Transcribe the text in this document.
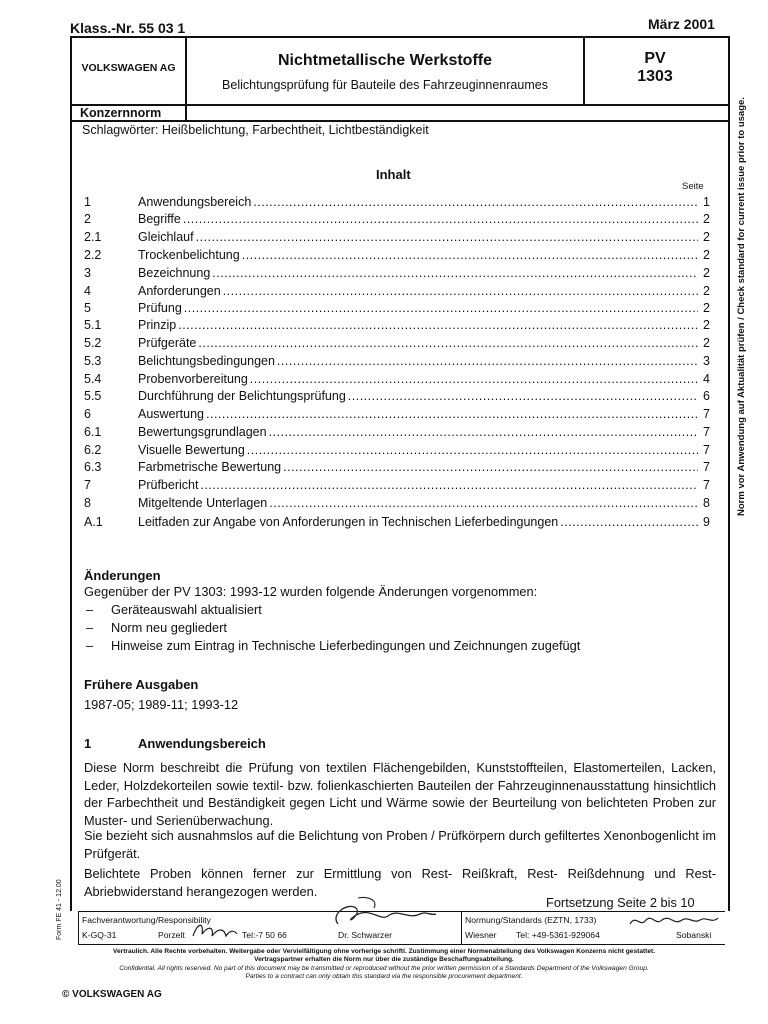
Klass.-Nr. 55 03 1	März 2001
VOLKSWAGEN AG	Nichtmetallische Werkstoffe
Belichtungsprüfung für Bauteile des Fahrzeuginnenraumes
PV
1303
Konzernnorm
Schlagwörter: Heißbelichtung, Farbechtheit, Lichtbeständigkeit	Norm vor Anwendung auf Aktualität prüfen / Check standard for current issue prior to usage.
Inhalt
Seite
1	Anwendungsbereich .....	1
2	Begriffe .....	2
2.1	Gleichlauf .....	2
2.2	Trockenbelichtung .....	2
3	Bezeichnung .....	2
4	Anforderungen .....	2
5	Prüfung .....	2
5.1	Prinzip .....	2
5.2	Prüfgeräte .....	2
5.3	Belichtungsbedingungen .....	3
5.4	Probenvorbereitung .....	4
5.5	Durchführung der Belichtungsprüfung .....	6
6	Auswertung .....	7
6.1	Bewertungsgrundlagen .....	7
6.2	Visuelle Bewertung .....	7
6.3	Farbmetrische Bewertung .....	7
7	Prüfbericht .....	7
8	Mitgeltende Unterlagen .....	8
A.1	Leitfaden zur Angabe von Anforderungen in Technischen Lieferbedingungen .....	9
Änderungen
Gegenüber der PV 1303: 1993-12 wurden folgende Änderungen vorgenommen:
– Geräteauswahl aktualisiert
– Norm neu gegliedert
– Hinweise zum Eintrag in Technische Lieferbedingungen und Zeichnungen zugefügt
Frühere Ausgaben
1987-05; 1989-11; 1993-12
1	Anwendungsbereich
Diese Norm beschreibt die Prüfung von textilen Flächengebilden, Kunststoffteilen, Elastomerteilen, Lacken, Leder, Holzdekorteilen sowie textil- bzw. folienkaschierten Bauteilen der Fahrzeuginnenausstattung hinsichtlich der Farbechtheit und Beständigkeit gegen Licht und Wärme sowie der Beurteilung von belichteten Proben zur Muster- und Serienüberwachung.
Sie bezieht sich ausnahmslos auf die Belichtung von Proben / Prüfkörpern durch gefiltertes Xenonbogenlicht im Prüfgerät.
Belichtete Proben können ferner zur Ermittlung von Rest- Reißkraft, Rest- Reißdehnung und Rest-Abriebwiderstand herangezogen werden.
Fortsetzung Seite 2 bis 10
Form FE 41 - 12.00 Fachverantwortung/Responsibility
K-GQ-31	Porzelt	Tel:-7 50 66	Dr. Schwarzer
Normung/Standards (EZTN, 1733)
Wiesner Tel: +49-5361-929064	Sobanski
Vertraulich. Alle Rechte vorbehalten. Weitergabe oder Vervielfältigung ohne vorherige schriftl. Zustimmung einer Normenabteilung des Volkswagen Konzerns nicht gestattet.
Vertragspartner erhalten die Norm nur über die zuständige Beschaffungsabteilung.
Confidential. All rights reserved. No part of this document may be transmitted or reproduced without the prior written permission of a Standards Department of the Volkswagen Group.
Parties to a contract can only obtain this standard via the responsible procurement department.
© VOLKSWAGEN AG
